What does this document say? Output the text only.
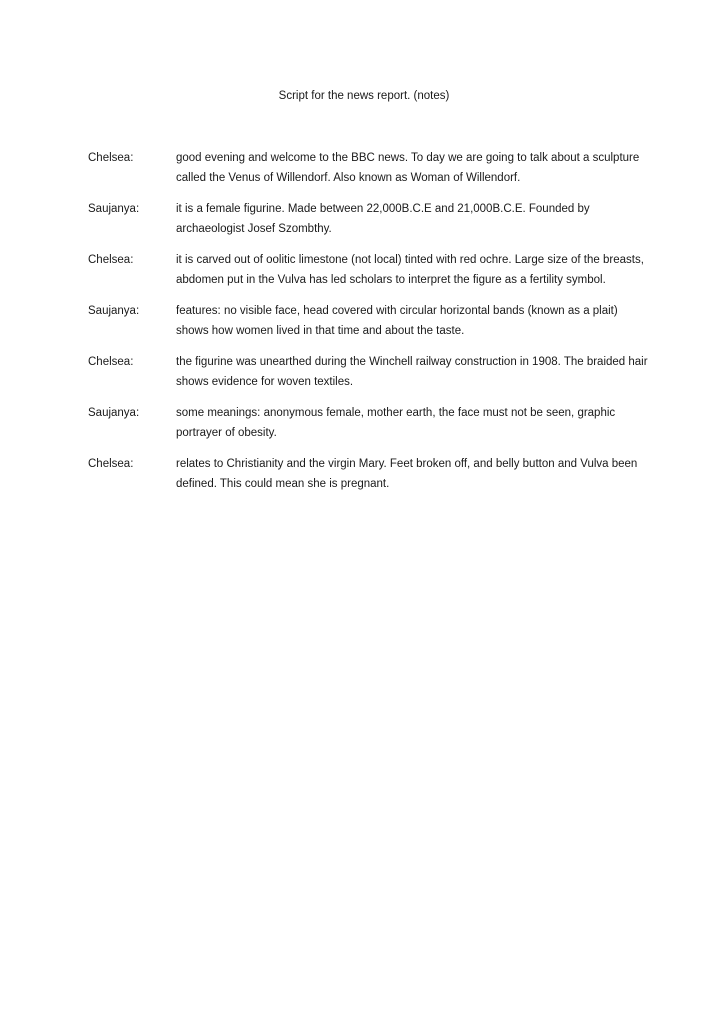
Script for the news report. (notes)
Chelsea:	good evening and welcome to the BBC news. To day we are going to talk about a sculpture called the Venus of Willendorf. Also known as Woman of Willendorf.
Saujanya:	it is a female figurine. Made between 22,000B.C.E and 21,000B.C.E. Founded by archaeologist Josef Szombthy.
Chelsea:	it is carved out of oolitic limestone (not local) tinted with red ochre. Large size of the breasts, abdomen put in the Vulva has led scholars to interpret the figure as a fertility symbol.
Saujanya:	features: no visible face, head covered with circular horizontal bands (known as a plait) shows how women lived in that time and about the taste.
Chelsea:	the figurine was unearthed during the Winchell railway construction in 1908. The braided hair shows evidence for woven textiles.
Saujanya:	some meanings: anonymous female, mother earth, the face must not be seen, graphic portrayer of obesity.
Chelsea:	relates to Christianity and the virgin Mary. Feet broken off, and belly button and Vulva been defined. This could mean she is pregnant.
